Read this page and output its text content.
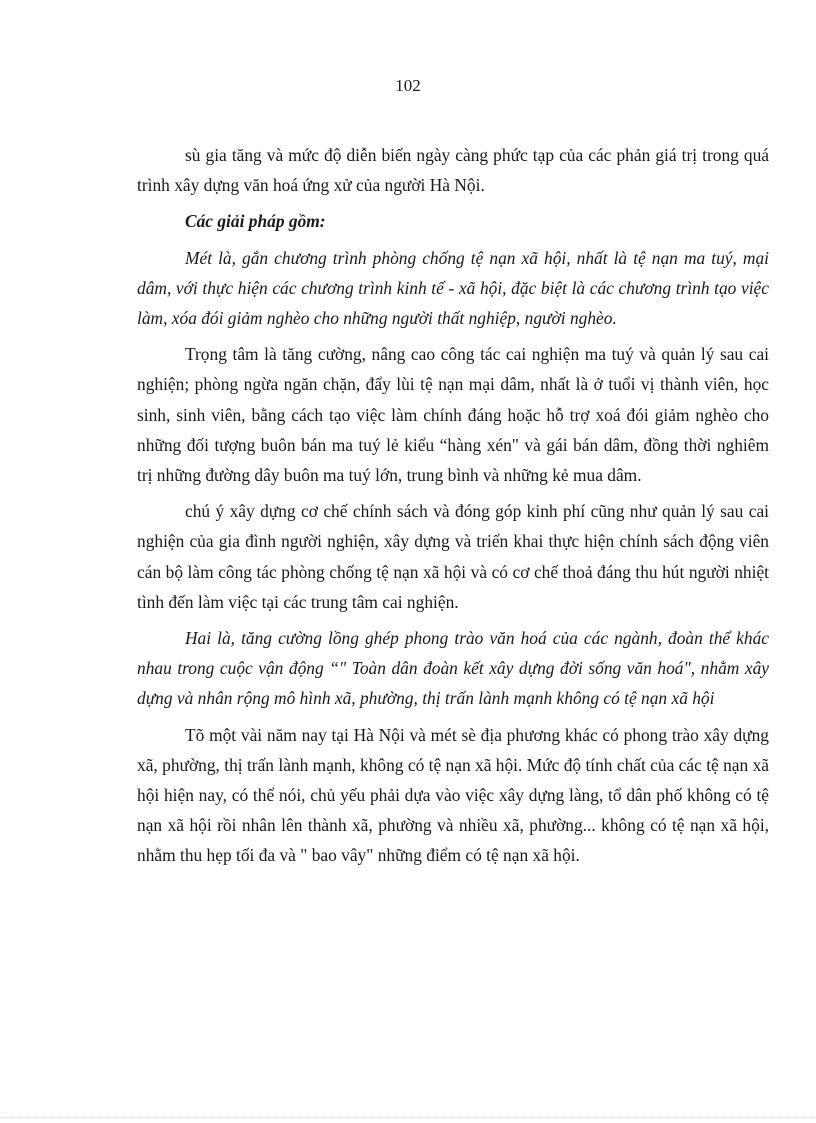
102

sù gia tăng và mức độ diễn biến ngày càng phức tạp của các phản giá trị trong quá trình xây dựng văn hoá ứng xử của người Hà Nội.

Các giải pháp gồm:

Mét là, gắn chương trình phòng chống tệ nạn xã hội, nhất là tệ nạn ma tuý, mại dâm, với thực hiện các chương trình kinh tế - xã hội, đặc biệt là các chương trình tạo việc làm, xóa đói giảm nghèo cho những người thất nghiệp, người nghèo.

Trọng tâm là tăng cường, nâng cao công tác cai nghiện ma tuý và quản lý sau cai nghiện; phòng ngừa ngăn chặn, đẩy lùi tệ nạn mại dâm, nhất là ở tuổi vị thành viên, học sinh, sinh viên, bằng cách tạo việc làm chính đáng hoặc hỗ trợ xoá đói giảm nghèo cho những đối tượng buôn bán ma tuý lẻ kiểu “hàng xén" và gái bán dâm, đồng thời nghiêm trị những đường dây buôn ma tuý lớn, trung bình và những kẻ mua dâm.

chú ý xây dựng cơ chế chính sách và đóng góp kinh phí cũng như quản lý sau cai nghiện của gia đình người nghiện, xây dựng và triển khai thực hiện chính sách động viên cán bộ làm công tác phòng chống tệ nạn xã hội và có cơ chế thoả đáng thu hút người nhiệt tình đến làm việc tại các trung tâm cai nghiện.

Hai là, tăng cường lồng ghép phong trào văn hoá của các ngành, đoàn thể khác nhau trong cuộc vận động “" Toàn dân đoàn kết xây dựng đời sống văn hoá", nhằm xây dựng và nhân rộng mô hình xã, phường, thị trấn lành mạnh không có tệ nạn xã hội

Tõ một vài năm nay tại Hà Nội và mét sè địa phương khác có phong trào xây dựng xã, phường, thị trấn lành mạnh, không có tệ nạn xã hội. Mức độ tính chất của các tệ nạn xã hội hiện nay, có thể nói, chủ yếu phải dựa vào việc xây dựng làng, tổ dân phố không có tệ nạn xã hội rồi nhân lên thành xã, phường và nhiều xã, phường... không có tệ nạn xã hội, nhằm thu hẹp tối đa và " bao vây" những điểm có tệ nạn xã hội.
